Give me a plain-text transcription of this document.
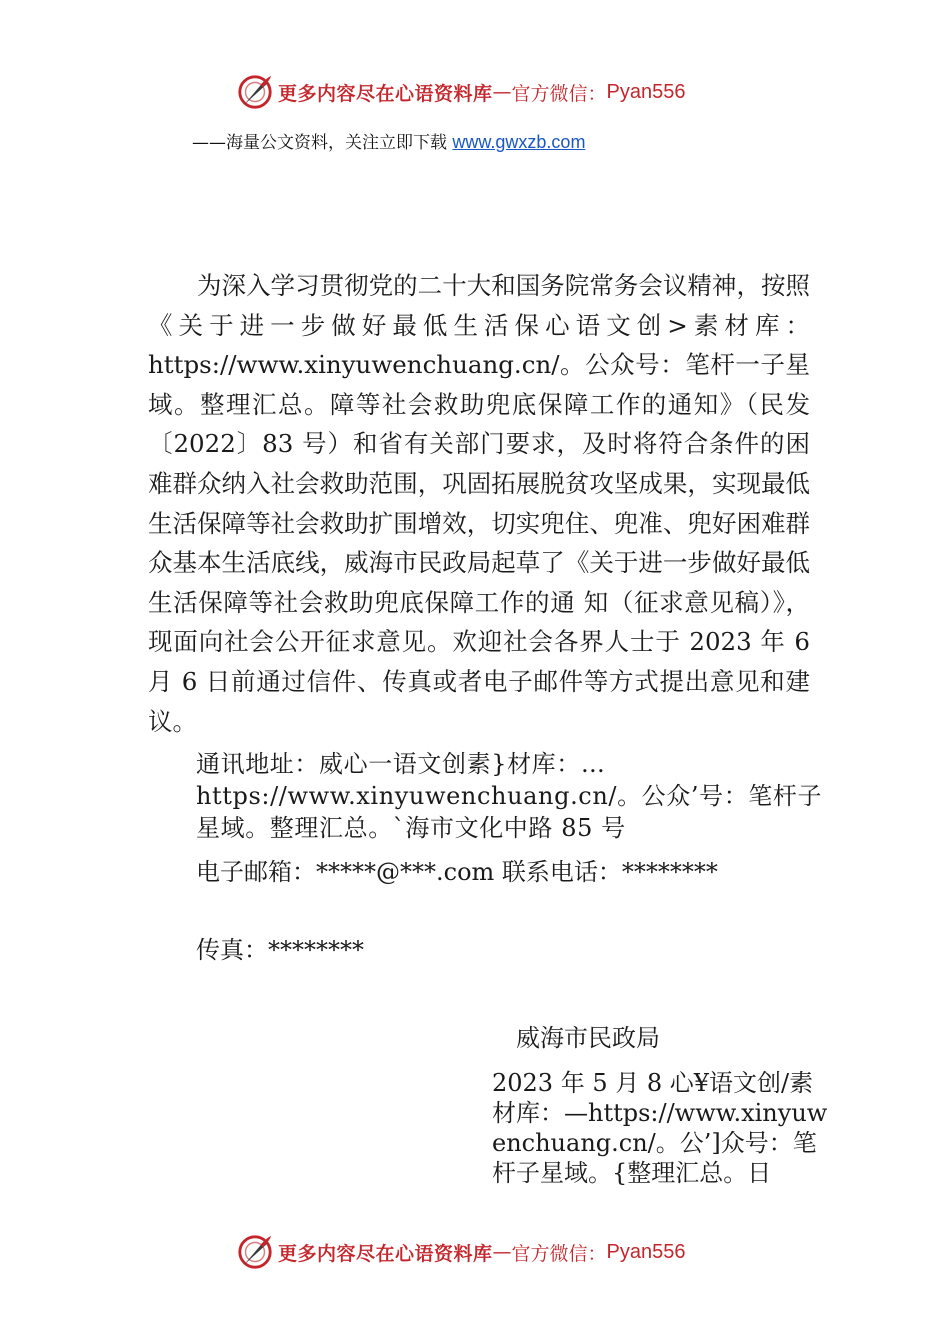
更多内容尽在心语资料库 — 官方微信： Pyan556
——海量公文资料，关注立即下载 www.gwxzb.com

为深入学习贯彻党的二十大和国务院常务会议精神，按照《关于进一步做好最低生活保心语文创>素材库：https://www.xinyuwenchuang.cn/。公众号：笔杆一子星域。整理汇总。障等社会救助兜底保障工作的通知》（民发〔2022〕83 号）和省有关部门要求，及时将符合条件的困难群众纳入社会救助范围，巩固拓展脱贫攻坚成果，实现最低生活保障等社会救助扩围增效，切实兜住、兜准、兜好困难群众基本生活底线，威海市民政局起草了《关于进一步做好最低生活保障等社会救助兜底保障工作的通 知（征求意见稿）》，现面向社会公开征求意见。欢迎社会各界人士于 2023 年 6 月 6 日前通过信件、传真或者电子邮件等方式提出意见和建议。

通讯地址：威心一语文创素}材库：…https://www.xinyuwenchuang.cn/。公众’号：笔杆子星域。整理汇总。`海市文化中路 85 号

电子邮箱：*****@***.com 联系电话：********

传真：********

威海市民政局
2023 年 5 月 8 心¥语文创/素材库：—https://www.xinyuwenchuang.cn/。公’]众号：笔杆子星域。{整理汇总。日
更多内容尽在心语资料库 — 官方微信： Pyan556
